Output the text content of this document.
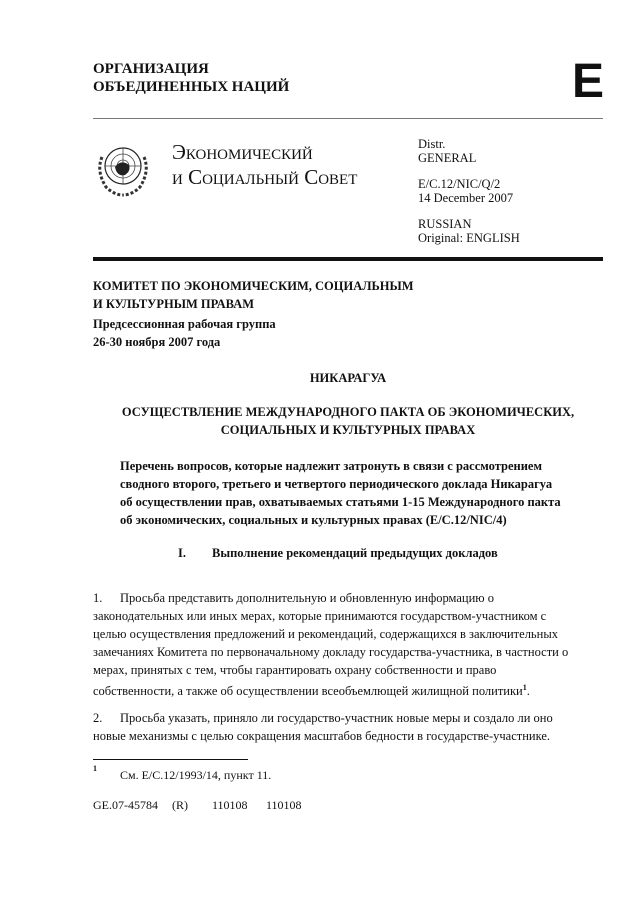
ОРГАНИЗАЦИЯ
ОБЪЕДИНЕННЫХ НАЦИЙ	E
Экономический
и Социальный Совет
Distr.
GENERAL
E/C.12/NIC/Q/2
14 December 2007
RUSSIAN
Original: ENGLISH
КОМИТЕТ ПО ЭКОНОМИЧЕСКИМ, СОЦИАЛЬНЫМ
И КУЛЬТУРНЫМ ПРАВАМ
Предсессионная рабочая группа
26-30 ноября 2007 года
НИКАРАГУА
ОСУЩЕСТВЛЕНИЕ МЕЖДУНАРОДНОГО ПАКТА ОБ ЭКОНОМИЧЕСКИХ,
СОЦИАЛЬНЫХ И КУЛЬТУРНЫХ ПРАВАХ
Перечень вопросов, которые надлежит затронуть в связи с рассмотрением
сводного второго, третьего и четвертого периодического доклада Никарагуа
об осуществлении прав, охватываемых статьями 1-15 Международного пакта
об экономических, социальных и культурных правах (E/C.12/NIC/4)
I. Выполнение рекомендаций предыдущих докладов
1. Просьба представить дополнительную и обновленную информацию о
законодательных или иных мерах, которые принимаются государством-участником с
целью осуществления предложений и рекомендаций, содержащихся в заключительных
замечаниях Комитета по первоначальному докладу государства-участника, в частности о
мерах, принятых с тем, чтобы гарантировать охрану собственности и право
собственности, а также об осуществлении всеобъемлющей жилищной политики$^1$.
2. Просьба указать, приняло ли государство-участник новые меры и создало ли оно
новые механизмы с целью сокращения масштабов бедности в государстве-участнике.
1 См. E/C.12/1993/14, пункт 11.
GE.07-45784 (R) 110108 110108
